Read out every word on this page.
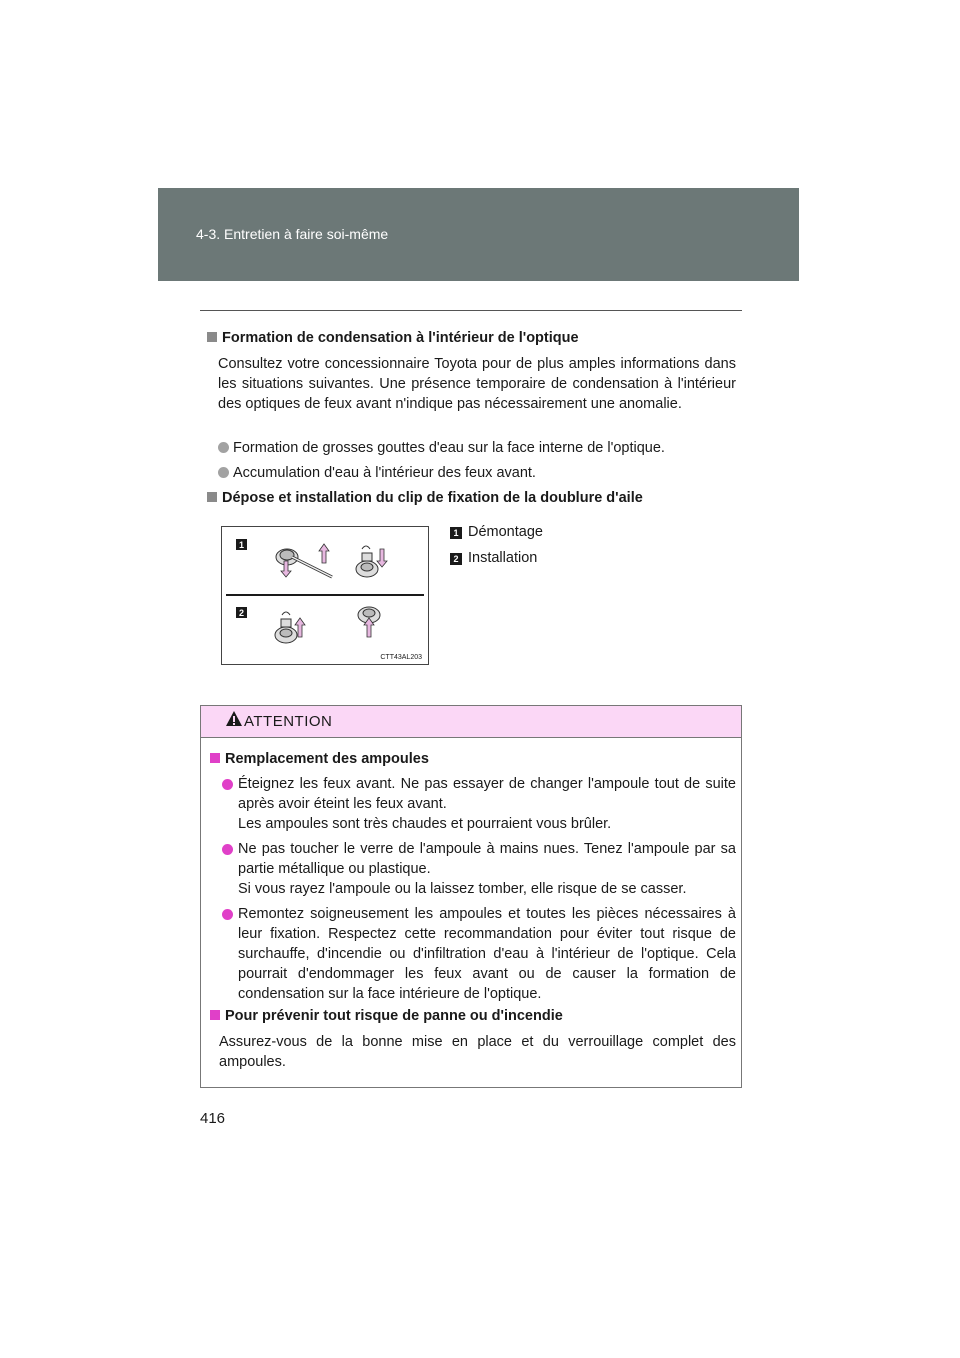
4-3. Entretien à faire soi-même
Formation de condensation à l'intérieur de l'optique
Consultez votre concessionnaire Toyota pour de plus amples informations dans les situations suivantes. Une présence temporaire de condensation à l'intérieur des optiques de feux avant n'indique pas nécessairement une anomalie.
Formation de grosses gouttes d'eau sur la face interne de l'optique.
Accumulation d'eau à l'intérieur des feux avant.
Dépose et installation du clip de fixation de la doublure d'aile
1
2
CTT43AL203
1 Démontage
2 Installation
ATTENTION
Remplacement des ampoules
Éteignez les feux avant. Ne pas essayer de changer l'ampoule tout de suite après avoir éteint les feux avant.
Les ampoules sont très chaudes et pourraient vous brûler.
Ne pas toucher le verre de l'ampoule à mains nues. Tenez l'ampoule par sa partie métallique ou plastique.
Si vous rayez l'ampoule ou la laissez tomber, elle risque de se casser.
Remontez soigneusement les ampoules et toutes les pièces nécessaires à leur fixation. Respectez cette recommandation pour éviter tout risque de surchauffe, d'incendie ou d'infiltration d'eau à l'intérieur de l'optique. Cela pourrait d'endommager les feux avant ou de causer la formation de condensation sur la face intérieure de l'optique.
Pour prévenir tout risque de panne ou d'incendie
Assurez-vous de la bonne mise en place et du verrouillage complet des ampoules.
416
